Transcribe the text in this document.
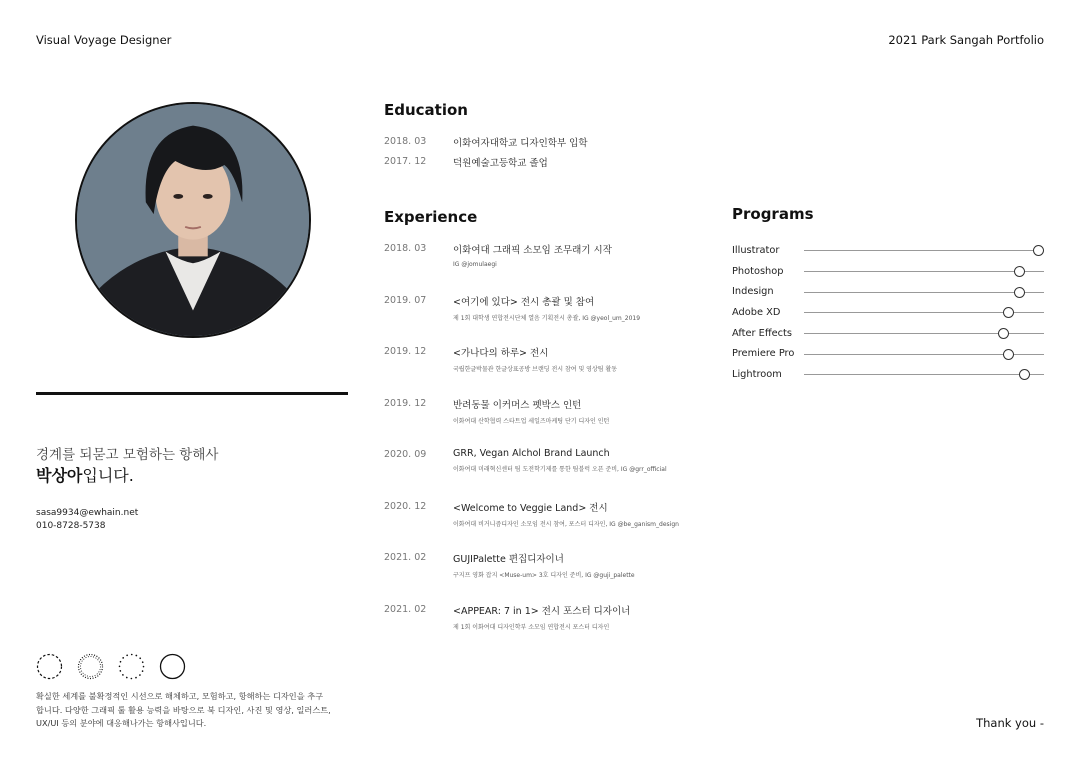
Visual Voyage Designer	2021 Park Sangah Portfolio
경계를 되묻고 모험하는 항해사
박상아입니다.
sasa9934@ewhain.net
010-8728-5738
확실한 세계를 불확정적인 시선으로 해체하고, 모험하고, 항해하는 디자인을 추구
합니다. 다양한 그래픽 툴 활용 능력을 바탕으로 북 디자인, 사진 및 영상, 일러스트,
UX/UI 등의 분야에 대응해나가는 항해사입니다.	Thank you -
Education
2018. 03	이화여자대학교 디자인학부 입학
2017. 12	덕원예술고등학교 졸업
Experience
2018. 03	이화여대 그래픽 소모임 조무래기 시작
IG @jomulaegi
2019. 07	<여기에 있다> 전시 총괄 및 참여
제 1회 대학생 연합전시단체 열음 기획전시 총괄, IG @yeol_um_2019
2019. 12	<가나다의 하루> 전시
국립한글박물관 한글상표공방 브랜딩 전시 참여 및 영상팀 활동
2019. 12	반려동물 이커머스 펫박스 인턴
이화여대 산학협력 스타트업 세일즈마케팅 단기 디자인 인턴
2020. 09	GRR, Vegan Alchol Brand Launch
이화여대 미래혁신센터 팀 도전학기제를 통한 팀블럭 오픈 준비, IG @grr_official
2020. 12	<Welcome to Veggie Land> 전시
이화여대 비거니즘디자인 소모임 전시 참여, 포스터 디자인, IG @be_ganism_design
2021. 02	GUJIPalette 편집디자이너
구지프 영화 잡지 <Muse-um> 3호 디자인 준비, IG @guji_palette
2021. 02	<APPEAR: 7 in 1> 전시 포스터 디자이너
제 1회 이화여대 디자인학부 소모임 연합전시 포스터 디자인
Programs
Illustrator
Photoshop
Indesign
Adobe XD
After Effects
Premiere Pro
Lightroom
